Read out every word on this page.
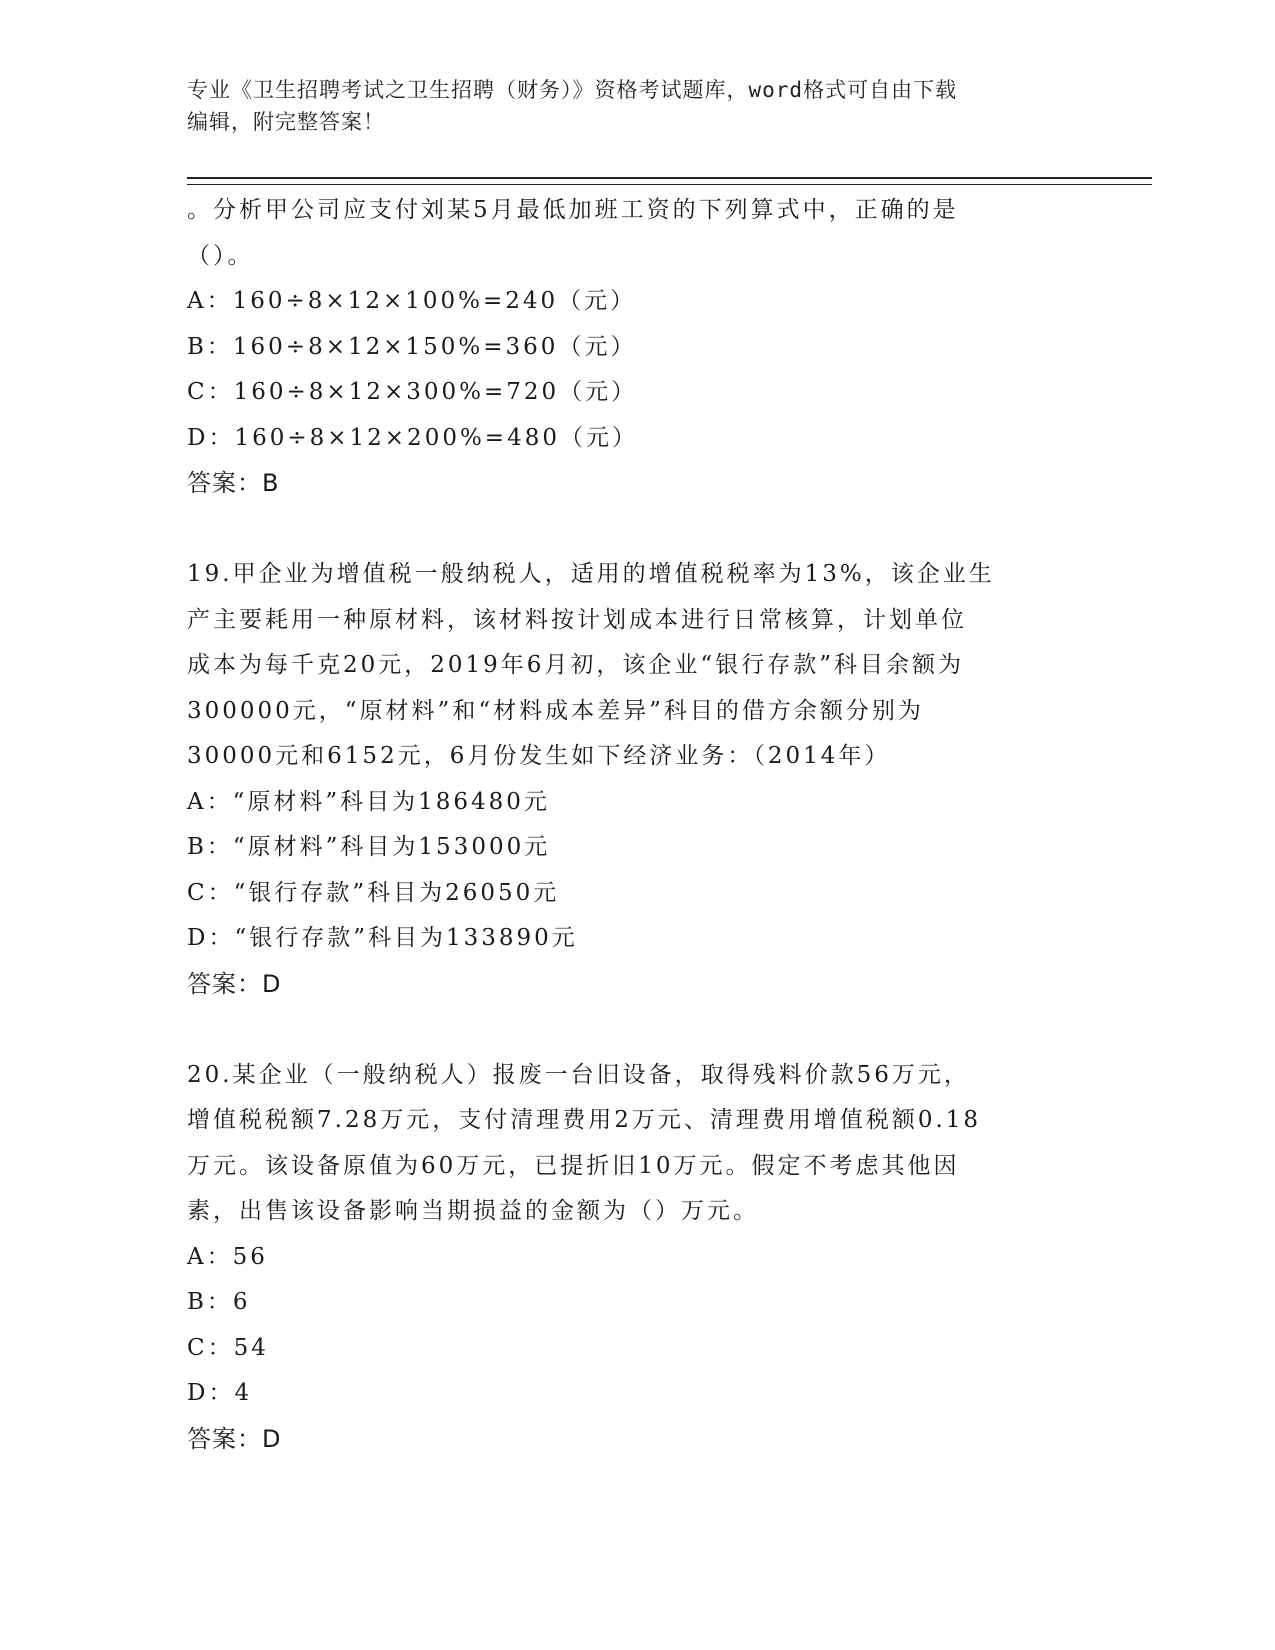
专业《卫生招聘考试之卫生招聘（财务）》资格考试题库，word格式可自由下载
编辑，附完整答案！
。分析甲公司应支付刘某5月最低加班工资的下列算式中，正确的是
（）。
A：160÷8×12×100%=240（元）
B：160÷8×12×150%=360（元）
C：160÷8×12×300%=720（元）
D：160÷8×12×200%=480（元）
答案：B
19.甲企业为增值税一般纳税人，适用的增值税税率为13%，该企业生
产主要耗用一种原材料，该材料按计划成本进行日常核算，计划单位
成本为每千克20元，2019年6月初，该企业“银行存款”科目余额为
300000元，“原材料”和“材料成本差异”科目的借方余额分别为
30000元和6152元，6月份发生如下经济业务：（2014年）
A：“原材料”科目为186480元
B：“原材料”科目为153000元
C：“银行存款”科目为26050元
D：“银行存款”科目为133890元
答案：D
20.某企业（一般纳税人）报废一台旧设备，取得残料价款56万元，
增值税税额7.28万元，支付清理费用2万元、清理费用增值税额0.18
万元。该设备原值为60万元，已提折旧10万元。假定不考虑其他因
素，出售该设备影响当期损益的金额为（）万元。
A：56
B：6
C：54
D：4
答案：D
